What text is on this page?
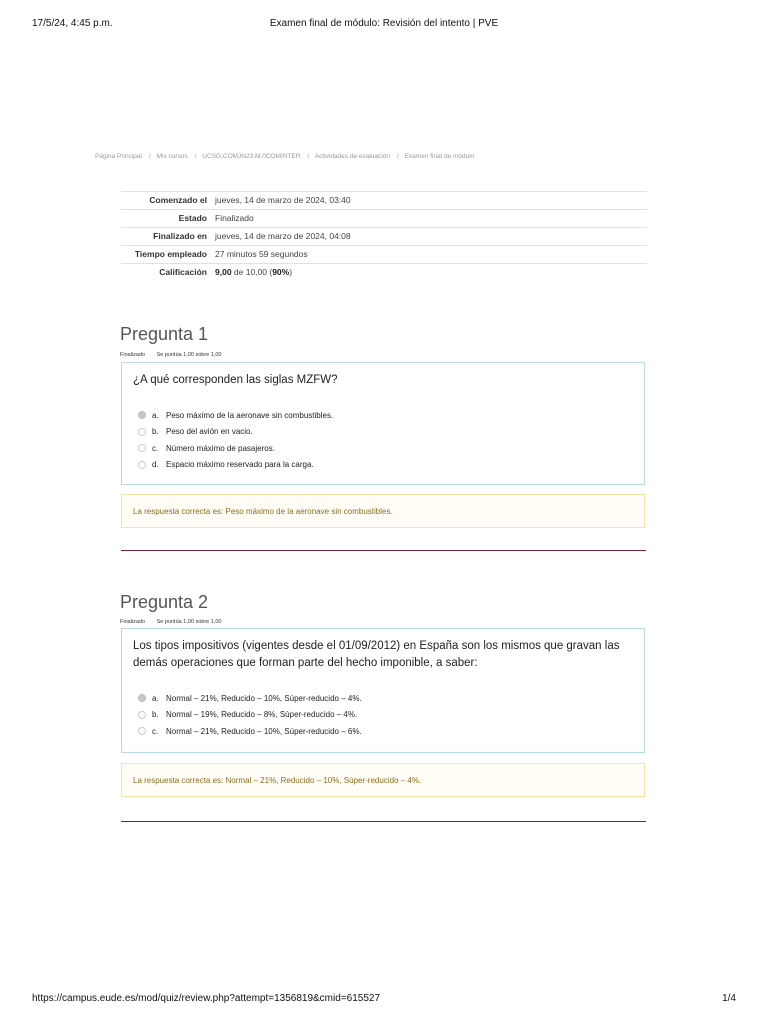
17/5/24, 4:45 p.m.	Examen final de módulo: Revisión del intento | PVE
Página Principal / Mis cursos / UCSG.COMJN23.M.0COMINTER / Actividades de evaluación / Examen final de módulo
Comenzado el	jueves, 14 de marzo de 2024, 03:40
Estado	Finalizado
Finalizado en	jueves, 14 de marzo de 2024, 04:08
Tiempo empleado	27 minutos 59 segundos
Calificación	9,00 de 10,00 (90%)
Pregunta 1
Finalizado Se puntúa 1,00 sobre 1,00
¿A qué corresponden las siglas MZFW?
a. Peso máximo de la aeronave sin combustibles.
b. Peso del avión en vacio.
c. Número máximo de pasajeros.
d. Espacio máximo reservado para la carga.
La respuesta correcta es: Peso máximo de la aeronave sin combustibles.
Pregunta 2
Finalizado Se puntúa 1,00 sobre 1,00
Los tipos impositivos (vigentes desde el 01/09/2012) en España son los mismos que gravan las demás operaciones que forman parte del hecho imponible, a saber:
a. Normal – 21%, Reducido – 10%, Súper-reducido – 4%.
b. Normal – 19%, Reducido – 8%, Súper-reducido – 4%.
c. Normal – 21%, Reducido – 10%, Súper-reducido – 6%.
La respuesta correcta es: Normal – 21%, Reducido – 10%, Súper-reducido – 4%.
https://campus.eude.es/mod/quiz/review.php?attempt=1356819&cmid=615527	1/4
